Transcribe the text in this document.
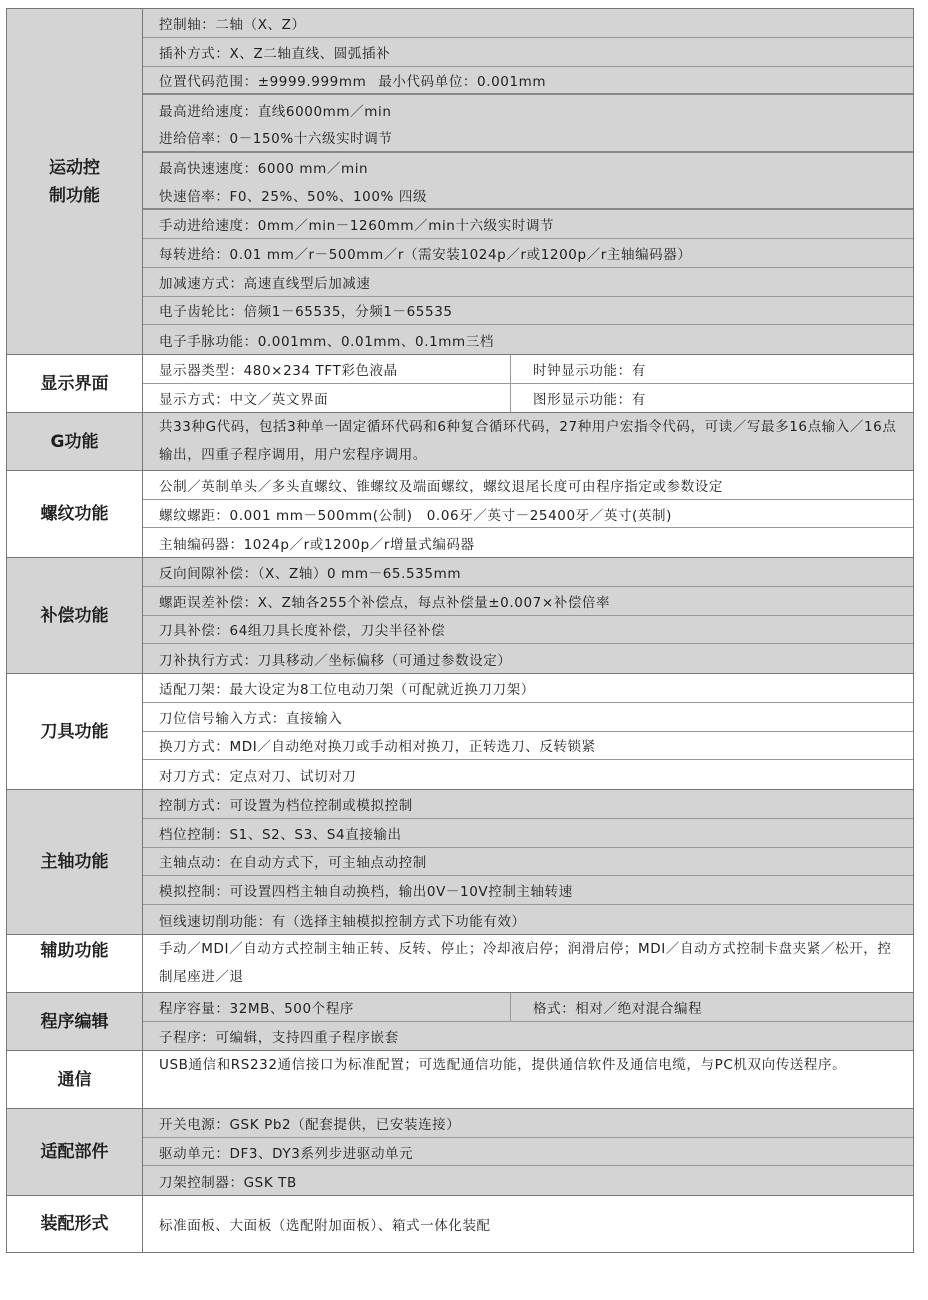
运动控
制功能
控制轴：二轴（X、Z）
插补方式：X、Z二轴直线、圆弧插补
位置代码范围：±9999.999mm 最小代码单位：0.001mm
最高进给速度：直线6000mm／min
进给倍率：0－150%十六级实时调节
最高快速速度：6000 mm／min
快速倍率：F0、25%、50%、100% 四级
手动进给速度：0mm／min－1260mm／min十六级实时调节
每转进给：0.01 mm／r－500mm／r（需安装1024p／r或1200p／r主轴编码器）
加减速方式：高速直线型后加减速
电子齿轮比：倍频1－65535，分频1－65535
电子手脉功能：0.001mm、0.01mm、0.1mm三档
显示界面
显示器类型：480×234 TFT彩色液晶	时钟显示功能：有
显示方式：中文／英文界面	图形显示功能：有
G功能
共33种G代码，包括3种单一固定循环代码和6种复合循环代码，27种用户宏指令代码，可读／写最多16点输入／16点输出，四重子程序调用，用户宏程序调用。
螺纹功能
公制／英制单头／多头直螺纹、锥螺纹及端面螺纹，螺纹退尾长度可由程序指定或参数设定
螺纹螺距：0.001 mm－500mm(公制)　0.06牙／英寸－25400牙／英寸(英制)
主轴编码器：1024p／r或1200p／r增量式编码器
补偿功能
反向间隙补偿：（X、Z轴）0 mm－65.535mm
螺距误差补偿：X、Z轴各255个补偿点，每点补偿量±0.007×补偿倍率
刀具补偿：64组刀具长度补偿，刀尖半径补偿
刀补执行方式：刀具移动／坐标偏移（可通过参数设定）
刀具功能
适配刀架：最大设定为8工位电动刀架（可配就近换刀刀架）
刀位信号输入方式：直接输入
换刀方式：MDI／自动绝对换刀或手动相对换刀，正转选刀、反转锁紧
对刀方式：定点对刀、试切对刀
主轴功能
控制方式：可设置为档位控制或模拟控制
档位控制：S1、S2、S3、S4直接输出
主轴点动：在自动方式下，可主轴点动控制
模拟控制：可设置四档主轴自动换档，输出0V－10V控制主轴转速
恒线速切削功能：有（选择主轴模拟控制方式下功能有效）
辅助功能	手动／MDI／自动方式控制主轴正转、反转、停止；冷却液启停；润滑启停；MDI／自动方式控制卡盘夹紧／松开，控制尾座进／退
程序编辑
程序容量：32MB、500个程序	格式：相对／绝对混合编程
子程序：可编辑，支持四重子程序嵌套
通信
USB通信和RS232通信接口为标准配置；可选配通信功能，提供通信软件及通信电缆，与PC机双向传送程序。
适配部件
开关电源：GSK Pb2（配套提供，已安装连接）
驱动单元：DF3、DY3系列步进驱动单元
刀架控制器：GSK TB
装配形式	标准面板、大面板（选配附加面板）、箱式一体化装配
